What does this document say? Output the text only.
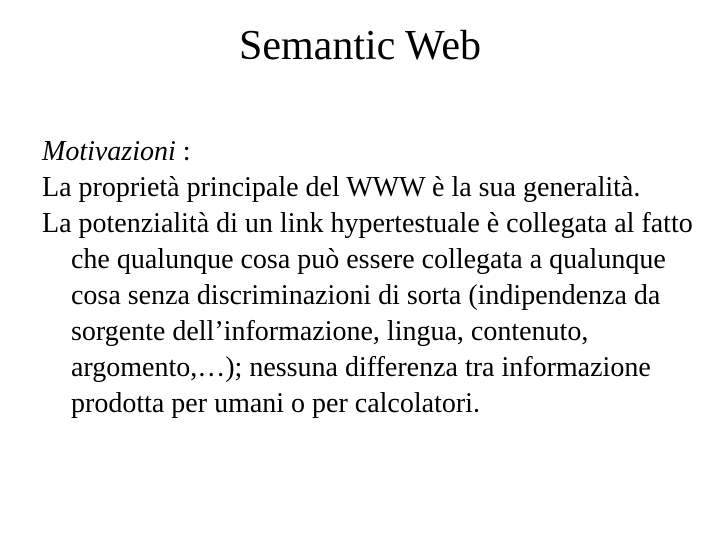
Semantic Web

Motivazioni :

La proprietà principale del WWW è la sua generalità.

La potenzialità di un link hypertestuale è collegata al fatto che qualunque cosa può essere collegata a qualunque cosa senza discriminazioni di sorta (indipendenza da sorgente dell’informazione, lingua, contenuto, argomento,…); nessuna differenza tra informazione prodotta per umani o per calcolatori.
